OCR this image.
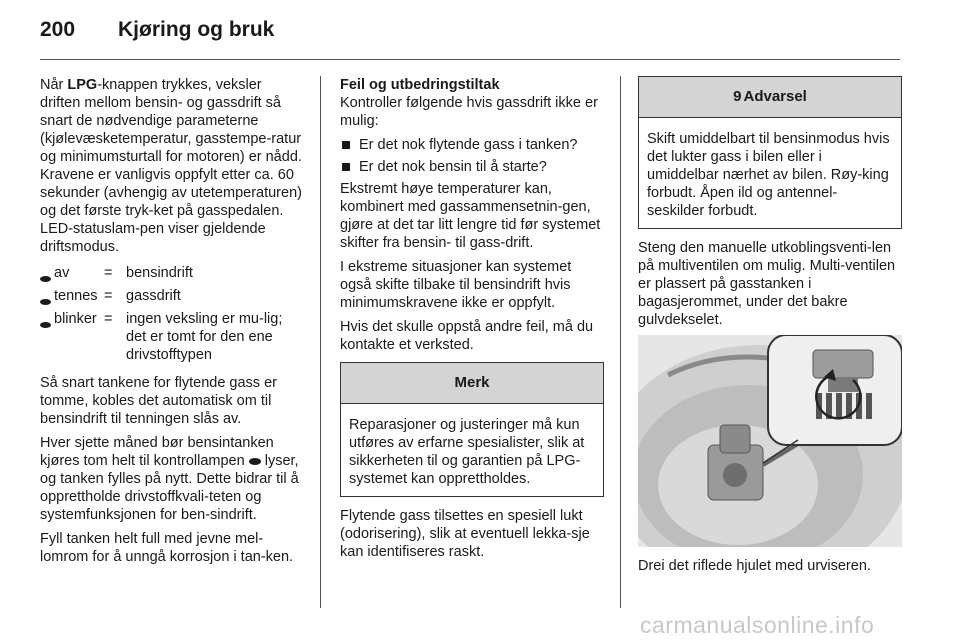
200 Kjøring og bruk

Når LPG-knappen trykkes, veksler driften mellom bensin- og gassdrift så snart de nødvendige parameterne (kjølevæsketemperatur, gasstempe-ratur og minimumsturtall for motoren) er nådd. Kravene er vanligvis oppfylt etter ca. 60 sekunder (avhengig av utetemperaturen) og det første tryk-ket på gasspedalen. LED-statuslam-pen viser gjeldende driftsmodus.

av	= bensindrift
tennes = gassdrift
blinker = ingen veksling er mu-lig; det er tomt for den ene drivstofftypen

Så snart tankene for flytende gass er tomme, kobles det automatisk om til bensindrift til tenningen slås av.

Hver sjette måned bør bensintanken kjøres tom helt til kontrollampen  lyser, og tanken fylles på nytt. Dette bidrar til å opprettholde drivstoffkvali-teten og systemfunksjonen for ben-sindrift.

Fyll tanken helt full med jevne mel-lomrom for å unngå korrosjon i tan-ken.

Feil og utbedringstiltak

Kontroller følgende hvis gassdrift ikke er mulig:

Er det nok flytende gass i tanken?
Er det nok bensin til å starte?

Ekstremt høye temperaturer kan, kombinert med gassammensetnin-gen, gjøre at det tar litt lengre tid før systemet skifter fra bensin- til gass-drift.

I ekstreme situasjoner kan systemet også skifte tilbake til bensindrift hvis minimumskravene ikke er oppfylt.

Hvis det skulle oppstå andre feil, må du kontakte et verksted.

Merk
Reparasjoner og justeringer må kun utføres av erfarne spesialister, slik at sikkerheten til og garantien på LPG-systemet kan opprettholdes.

Flytende gass tilsettes en spesiell lukt (odorisering), slik at eventuell lekka-sje kan identifiseres raskt.

9 Advarsel
Skift umiddelbart til bensinmodus hvis det lukter gass i bilen eller i umiddelbar nærhet av bilen. Røy-king forbudt. Åpen ild og antennel-seskilder forbudt.

Steng den manuelle utkoblingsventi-len på multiventilen om mulig. Multi-ventilen er plassert på gasstanken i bagasjerommet, under det bakre gulvdekselet.

Drei det riflede hjulet med urviseren.

carmanualsonline.info
